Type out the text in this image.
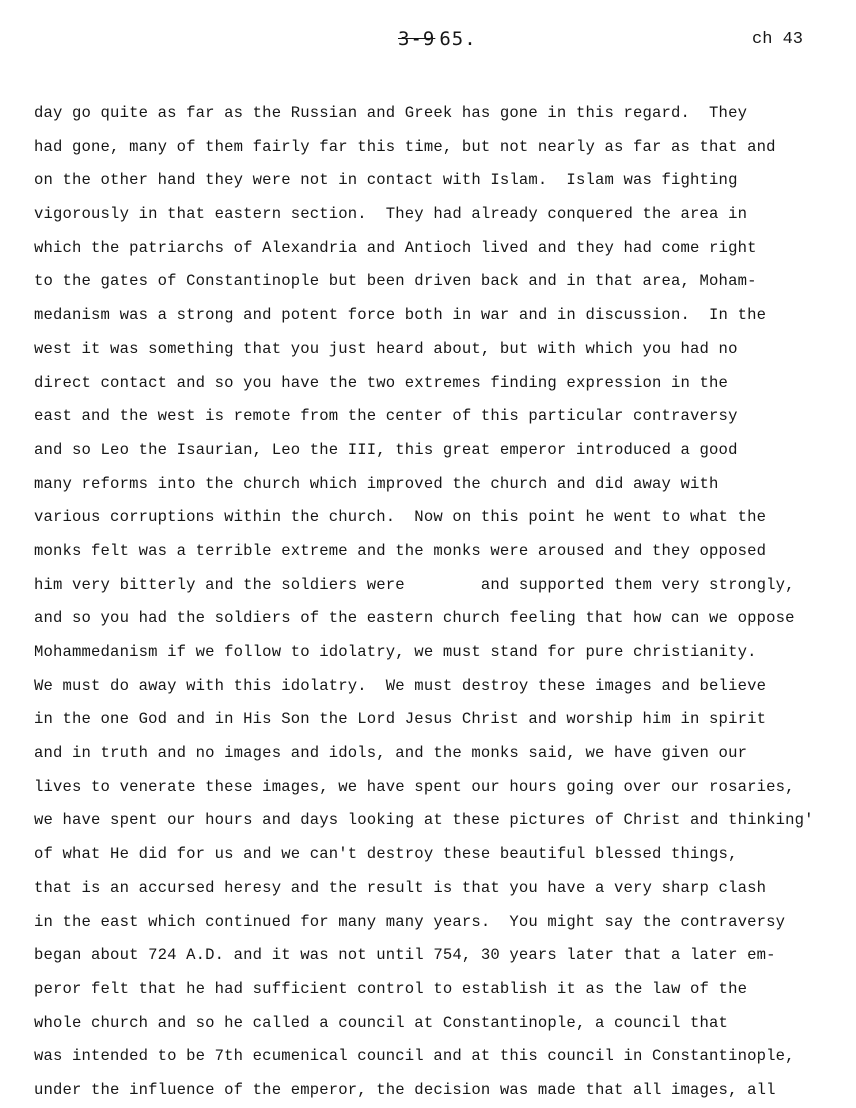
3-9 65.	ch 43
day go quite as far as the Russian and Greek has gone in this regard.  They
had gone, many of them fairly far this time, but not nearly as far as that and
on the other hand they were not in contact with Islam.  Islam was fighting
vigorously in that eastern section.  They had already conquered the area in
which the patriarchs of Alexandria and Antioch lived and they had come right
to the gates of Constantinople but been driven back and in that area, Moham-
medanism was a strong and potent force both in war and in discussion.  In the
west it was something that you just heard about, but with which you had no
direct contact and so you have the two extremes finding expression in the
east and the west is remote from the center of this particular contraversy
and so Leo the Isaurian, Leo the III, this great emperor introduced a good
many reforms into the church which improved the church and did away with
various corruptions within the church.  Now on this point he went to what the
monks felt was a terrible extreme and the monks were aroused and they opposed
him very bitterly and the soldiers were        and supported them very strongly,
and so you had the soldiers of the eastern church feeling that how can we oppose
Mohammedanism if we follow to idolatry, we must stand for pure christianity.
We must do away with this idolatry.  We must destroy these images and believe
in the one God and in His Son the Lord Jesus Christ and worship him in spirit
and in truth and no images and idols, and the monks said, we have given our
lives to venerate these images, we have spent our hours going over our rosaries,
we have spent our hours and days looking at these pictures of Christ and thinking'
of what He did for us and we can't destroy these beautiful blessed things,
that is an accursed heresy and the result is that you have a very sharp clash
in the east which continued for many many years.  You might say the contraversy
began about 724 A.D. and it was not until 754, 30 years later that a later em-
peror felt that he had sufficient control to establish it as the law of the
whole church and so he called a council at Constantinople, a council that
was intended to be 7th ecumenical council and at this council in Constantinople,
under the influence of the emperor, the decision was made that all images, all
